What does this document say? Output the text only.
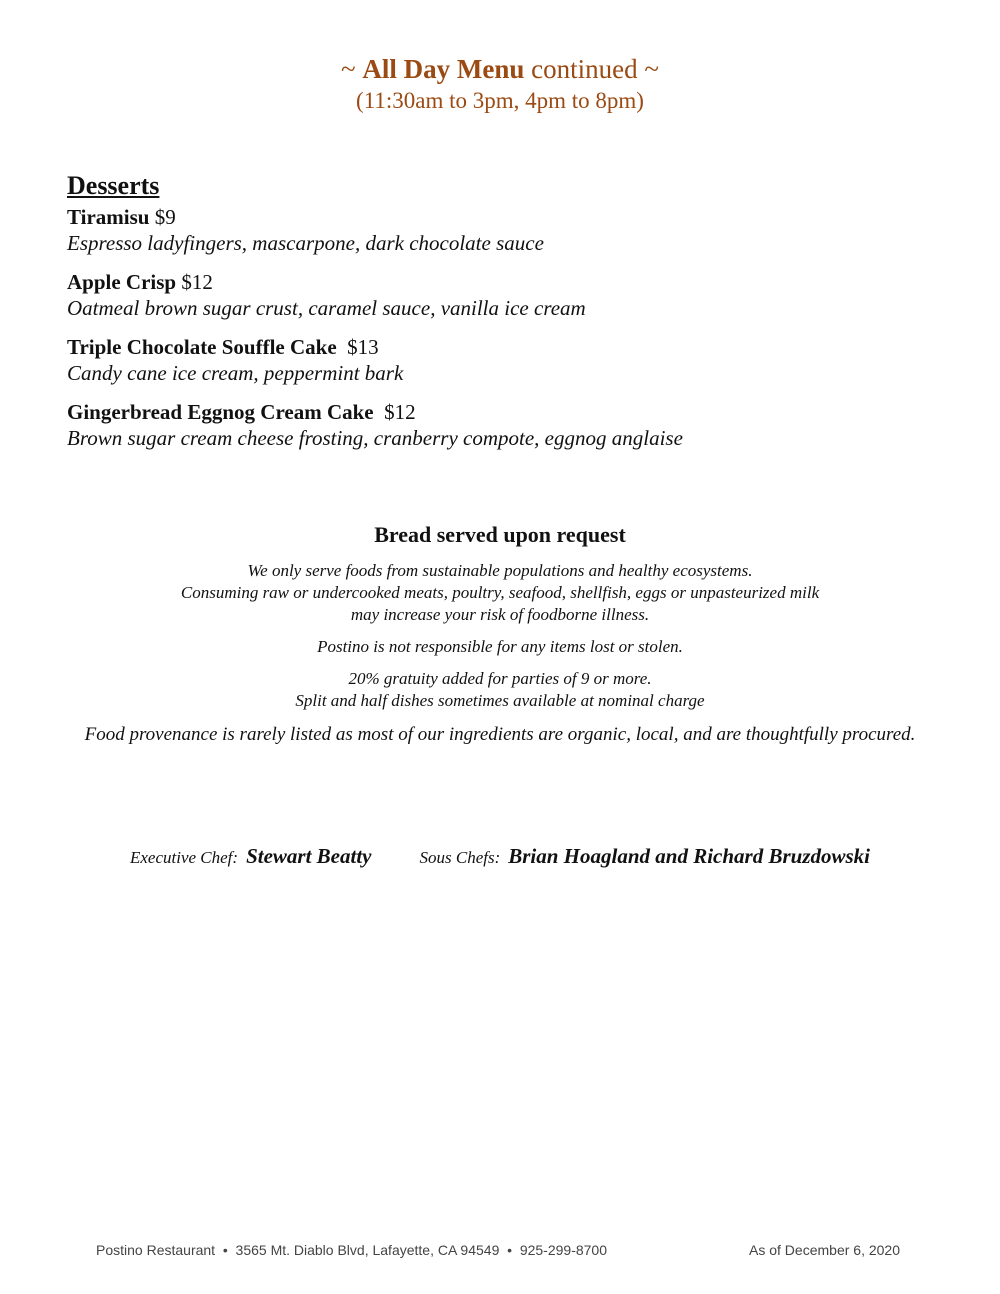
~ All Day Menu continued ~
(11:30am to 3pm, 4pm to 8pm)
Desserts
Tiramisu $9
Espresso ladyfingers, mascarpone, dark chocolate sauce
Apple Crisp $12
Oatmeal brown sugar crust, caramel sauce, vanilla ice cream
Triple Chocolate Souffle Cake $13
Candy cane ice cream, peppermint bark
Gingerbread Eggnog Cream Cake $12
Brown sugar cream cheese frosting, cranberry compote, eggnog anglaise
Bread served upon request
We only serve foods from sustainable populations and healthy ecosystems.
Consuming raw or undercooked meats, poultry, seafood, shellfish, eggs or unpasteurized milk
may increase your risk of foodborne illness.
Postino is not responsible for any items lost or stolen.
20% gratuity added for parties of 9 or more.
Split and half dishes sometimes available at nominal charge
Food provenance is rarely listed as most of our ingredients are organic, local, and are thoughtfully procured.
Executive Chef: Stewart Beatty	Sous Chefs: Brian Hoagland and Richard Bruzdowski
Postino Restaurant  •  3565 Mt. Diablo Blvd, Lafayette, CA 94549  •  925-299-8700	As of December 6, 2020
